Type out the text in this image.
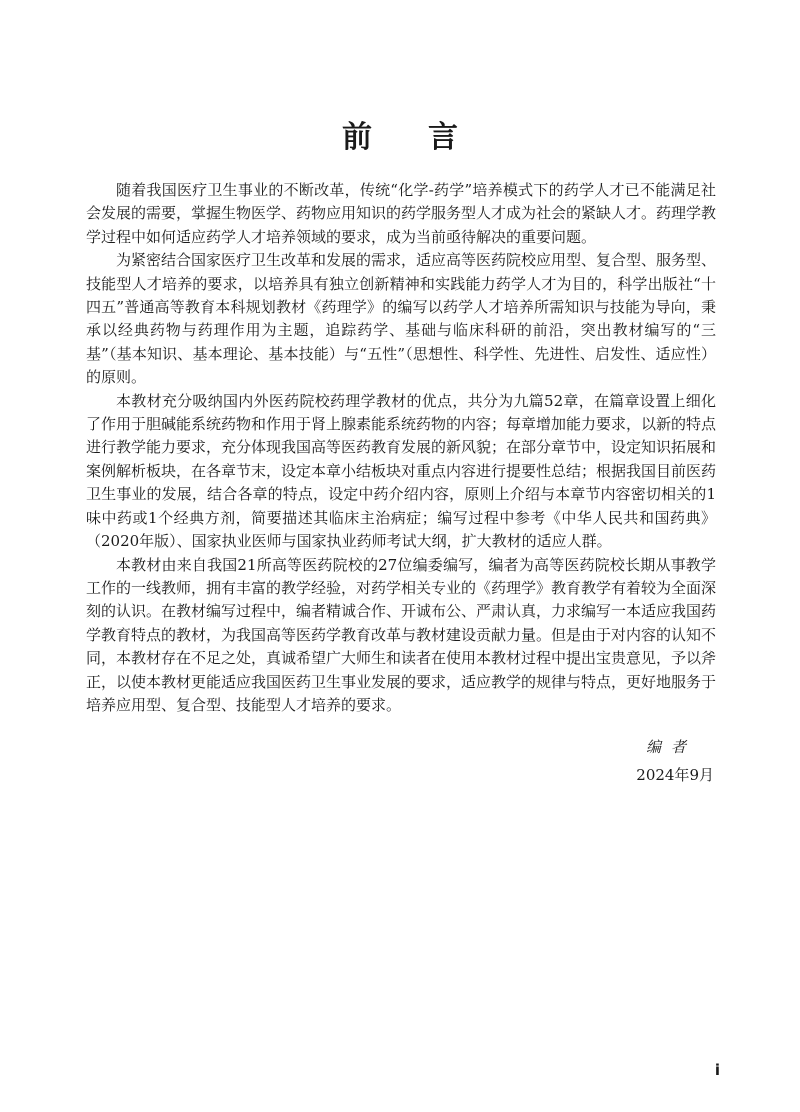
前言

随着我国医疗卫生事业的不断改革，传统“化学-药学”培养模式下的药学人才已不能满足社会发展的需要，掌握生物医学、药物应用知识的药学服务型人才成为社会的紧缺人才。药理学教学过程中如何适应药学人才培养领域的要求，成为当前亟待解决的重要问题。

为紧密结合国家医疗卫生改革和发展的需求，适应高等医药院校应用型、复合型、服务型、技能型人才培养的要求，以培养具有独立创新精神和实践能力药学人才为目的，科学出版社“十四五”普通高等教育本科规划教材《药理学》的编写以药学人才培养所需知识与技能为导向，秉承以经典药物与药理作用为主题，追踪药学、基础与临床科研的前沿，突出教材编写的“三基”（基本知识、基本理论、基本技能）与“五性”（思想性、科学性、先进性、启发性、适应性）的原则。

本教材充分吸纳国内外医药院校药理学教材的优点，共分为九篇52章，在篇章设置上细化了作用于胆碱能系统药物和作用于肾上腺素能系统药物的内容；每章增加能力要求，以新的特点进行教学能力要求，充分体现我国高等医药教育发展的新风貌；在部分章节中，设定知识拓展和案例解析板块，在各章节末，设定本章小结板块对重点内容进行提要性总结；根据我国目前医药卫生事业的发展，结合各章的特点，设定中药介绍内容，原则上介绍与本章节内容密切相关的1味中药或1个经典方剂，简要描述其临床主治病症；编写过程中参考《中华人民共和国药典》（2020年版）、国家执业医师与国家执业药师考试大纲，扩大教材的适应人群。

本教材由来自我国21所高等医药院校的27位编委编写，编者为高等医药院校长期从事教学工作的一线教师，拥有丰富的教学经验，对药学相关专业的《药理学》教育教学有着较为全面深刻的认识。在教材编写过程中，编者精诚合作、开诚布公、严肃认真，力求编写一本适应我国药学教育特点的教材，为我国高等医药学教育改革与教材建设贡献力量。但是由于对内容的认知不同，本教材存在不足之处，真诚希望广大师生和读者在使用本教材过程中提出宝贵意见，予以斧正，以使本教材更能适应我国医药卫生事业发展的要求，适应教学的规律与特点，更好地服务于培养应用型、复合型、技能型人才培养的要求。

编者
2024年9月
i
